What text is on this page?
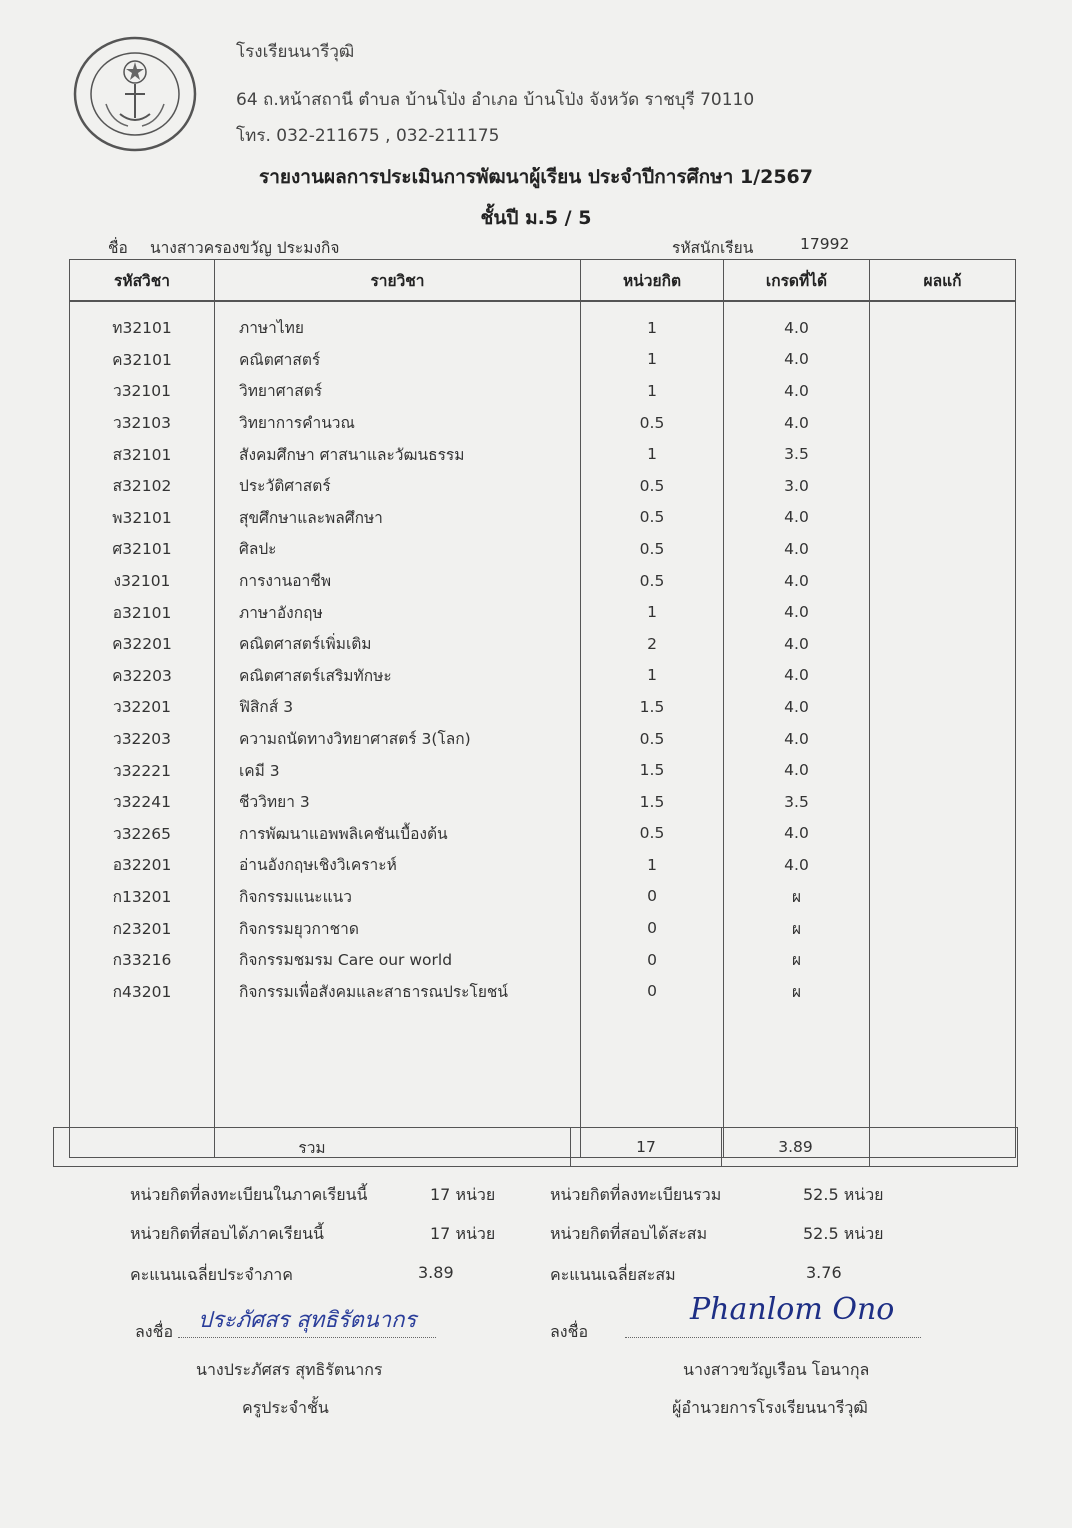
โรงเรียนนารีวุฒิ
64 ถ.หน้าสถานี ตำบล บ้านโป่ง อำเภอ บ้านโป่ง จังหวัด ราชบุรี 70110
โทร. 032-211675 , 032-211175
รายงานผลการประเมินการพัฒนาผู้เรียน ประจำปีการศึกษา 1/2567
ชั้นปี ม.5 / 5
ชื่อ นางสาวครองขวัญ ประมงกิจ	รหัสนักเรียน	17992
รหัสวิชา	รายวิชา	หน่วยกิต	เกรดที่ได้	ผลแก้
ท32101	ภาษาไทย	1	4.0	
ค32101	คณิตศาสตร์	1	4.0	
ว32101	วิทยาศาสตร์	1	4.0	
ว32103	วิทยาการคำนวณ	0.5	4.0	
ส32101	สังคมศึกษา ศาสนาและวัฒนธรรม	1	3.5	
ส32102	ประวัติศาสตร์	0.5	3.0	
พ32101	สุขศึกษาและพลศึกษา	0.5	4.0	
ศ32101	ศิลปะ	0.5	4.0	
ง32101	การงานอาชีพ	0.5	4.0	
อ32101	ภาษาอังกฤษ	1	4.0	
ค32201	คณิตศาสตร์เพิ่มเติม	2	4.0	
ค32203	คณิตศาสตร์เสริมทักษะ	1	4.0	
ว32201	ฟิสิกส์ 3	1.5	4.0	
ว32203	ความถนัดทางวิทยาศาสตร์ 3(โลก)	0.5	4.0	
ว32221	เคมี 3	1.5	4.0	
ว32241	ชีววิทยา 3	1.5	3.5	
ว32265	การพัฒนาแอพพลิเคชันเบื้องต้น	0.5	4.0	
อ32201	อ่านอังกฤษเชิงวิเคราะห์	1	4.0	
ก13201	กิจกรรมแนะแนว	0	ผ	
ก23201	กิจกรรมยุวกาชาด	0	ผ	
ก33216	กิจกรรมชมรม Care our world	0	ผ	
ก43201	กิจกรรมเพื่อสังคมและสาธารณประโยชน์	0	ผ	

รวม	17	3.89
หน่วยกิตที่ลงทะเบียนในภาคเรียนนี้	17 หน่วย	หน่วยกิตที่ลงทะเบียนรวม	52.5 หน่วย
หน่วยกิตที่สอบได้ภาคเรียนนี้	17 หน่วย	หน่วยกิตที่สอบได้สะสม	52.5 หน่วย
คะแนนเฉลี่ยประจำภาค	3.89	คะแนนเฉลี่ยสะสม	3.76
ลงชื่อ ประภัศสร สุทธิรัตนากร
นางประภัศสร สุทธิรัตนากร
ครูประจำชั้น
ลงชื่อ
Phanlom Ono
นางสาวขวัญเรือน โอนากุล
ผู้อำนวยการโรงเรียนนารีวุฒิ
